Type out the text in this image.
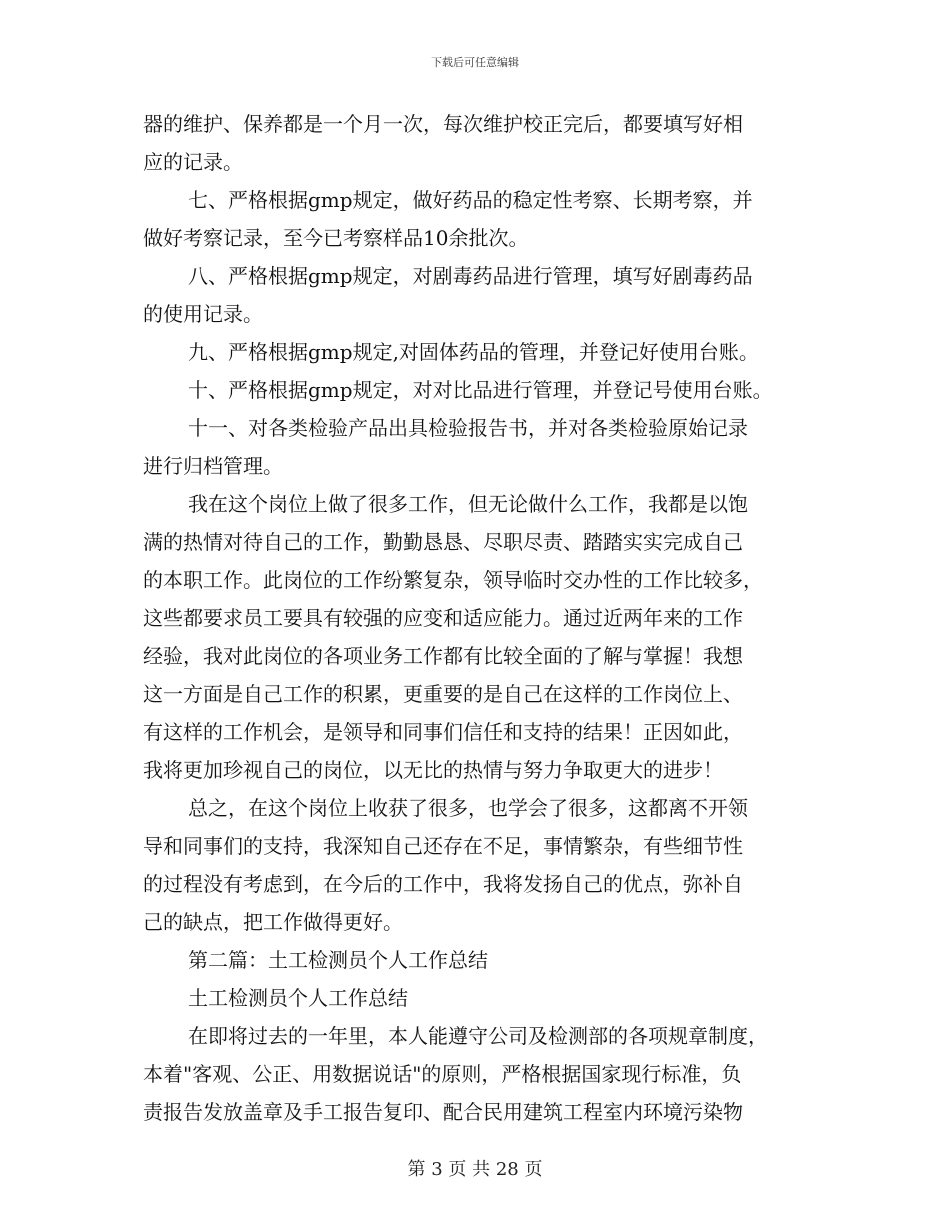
下载后可任意编辑
器的维护、保养都是一个月一次，每次维护校正完后，都要填写好相
应的记录。
七、严格根据gmp规定，做好药品的稳定性考察、长期考察，并
做好考察记录，至今已考察样品10余批次。
八、严格根据gmp规定，对剧毒药品进行管理，填写好剧毒药品
的使用记录。
九、严格根据gmp规定,对固体药品的管理，并登记好使用台账。
十、严格根据gmp规定，对对比品进行管理，并登记号使用台账。
十一、对各类检验产品出具检验报告书，并对各类检验原始记录
进行归档管理。
我在这个岗位上做了很多工作，但无论做什么工作，我都是以饱
满的热情对待自己的工作，勤勤恳恳、尽职尽责、踏踏实实完成自己
的本职工作。此岗位的工作纷繁复杂，领导临时交办性的工作比较多，
这些都要求员工要具有较强的应变和适应能力。通过近两年来的工作
经验，我对此岗位的各项业务工作都有比较全面的了解与掌握！我想
这一方面是自己工作的积累，更重要的是自己在这样的工作岗位上、
有这样的工作机会，是领导和同事们信任和支持的结果！正因如此，
我将更加珍视自己的岗位，以无比的热情与努力争取更大的进步！
总之，在这个岗位上收获了很多，也学会了很多，这都离不开领
导和同事们的支持，我深知自己还存在不足，事情繁杂，有些细节性
的过程没有考虑到，在今后的工作中，我将发扬自己的优点，弥补自
己的缺点，把工作做得更好。
第二篇：土工检测员个人工作总结
土工检测员个人工作总结
在即将过去的一年里，本人能遵守公司及检测部的各项规章制度，
本着"客观、公正、用数据说话"的原则，严格根据国家现行标准，负
责报告发放盖章及手工报告复印、配合民用建筑工程室内环境污染物
第 3 页 共 28 页
